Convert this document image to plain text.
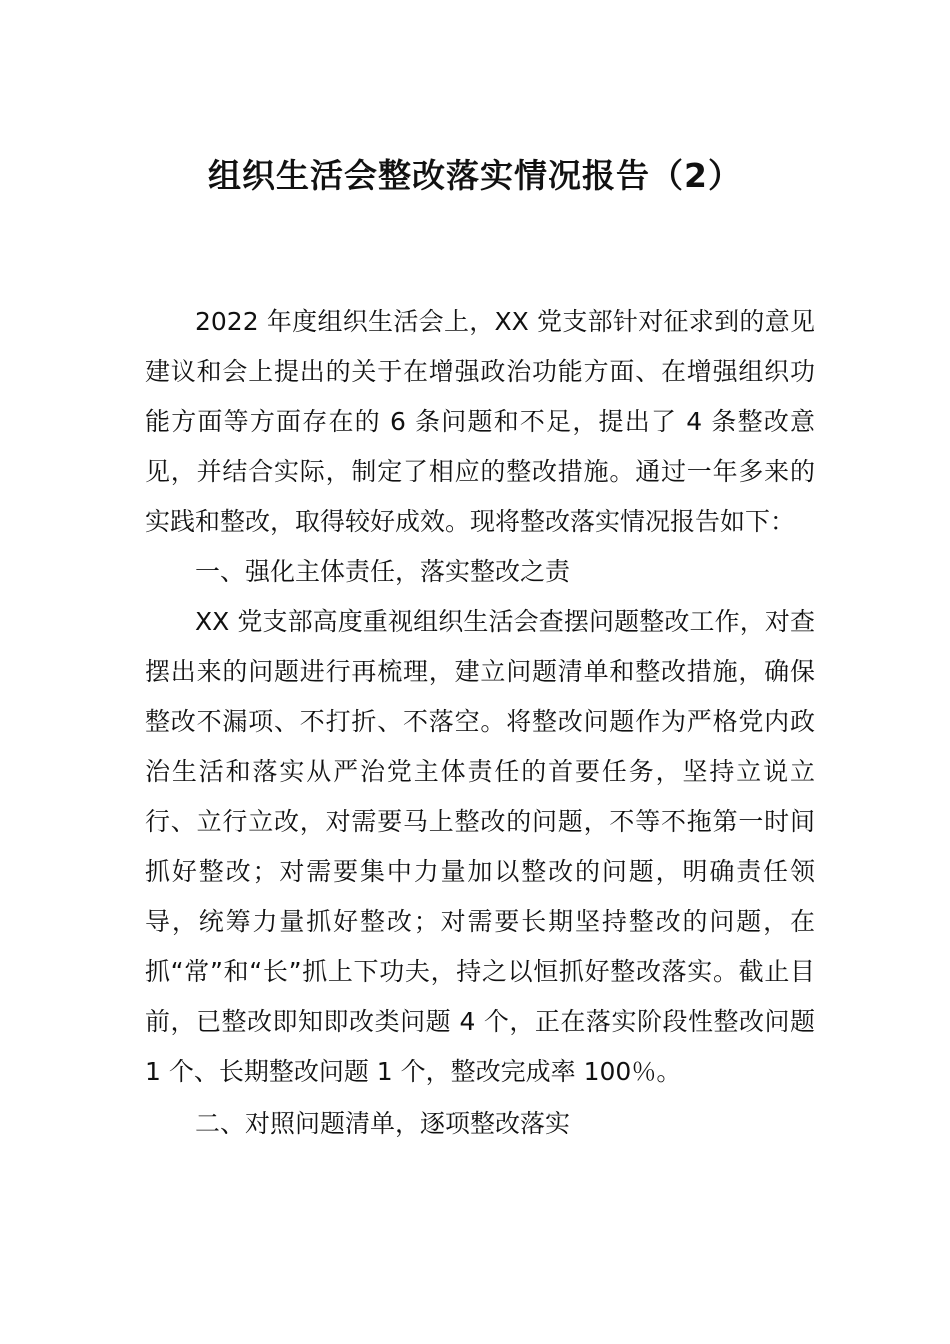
组织生活会整改落实情况报告（2）

2022 年度组织生活会上，XX 党支部针对征求到的意见建议和会上提出的关于在增强政治功能方面、在增强组织功能方面等方面存在的 6 条问题和不足，提出了 4 条整改意见，并结合实际，制定了相应的整改措施。通过一年多来的实践和整改，取得较好成效。现将整改落实情况报告如下：

一、强化主体责任，落实整改之责

XX 党支部高度重视组织生活会查摆问题整改工作，对查摆出来的问题进行再梳理，建立问题清单和整改措施，确保整改不漏项、不打折、不落空。将整改问题作为严格党内政治生活和落实从严治党主体责任的首要任务，坚持立说立行、立行立改，对需要马上整改的问题，不等不拖第一时间抓好整改；对需要集中力量加以整改的问题，明确责任领导，统筹力量抓好整改；对需要长期坚持整改的问题，在抓“常”和“长”抓上下功夫，持之以恒抓好整改落实。截止目前，已整改即知即改类问题 4 个，正在落实阶段性整改问题 1 个、长期整改问题 1 个，整改完成率 100％。

二、对照问题清单，逐项整改落实
